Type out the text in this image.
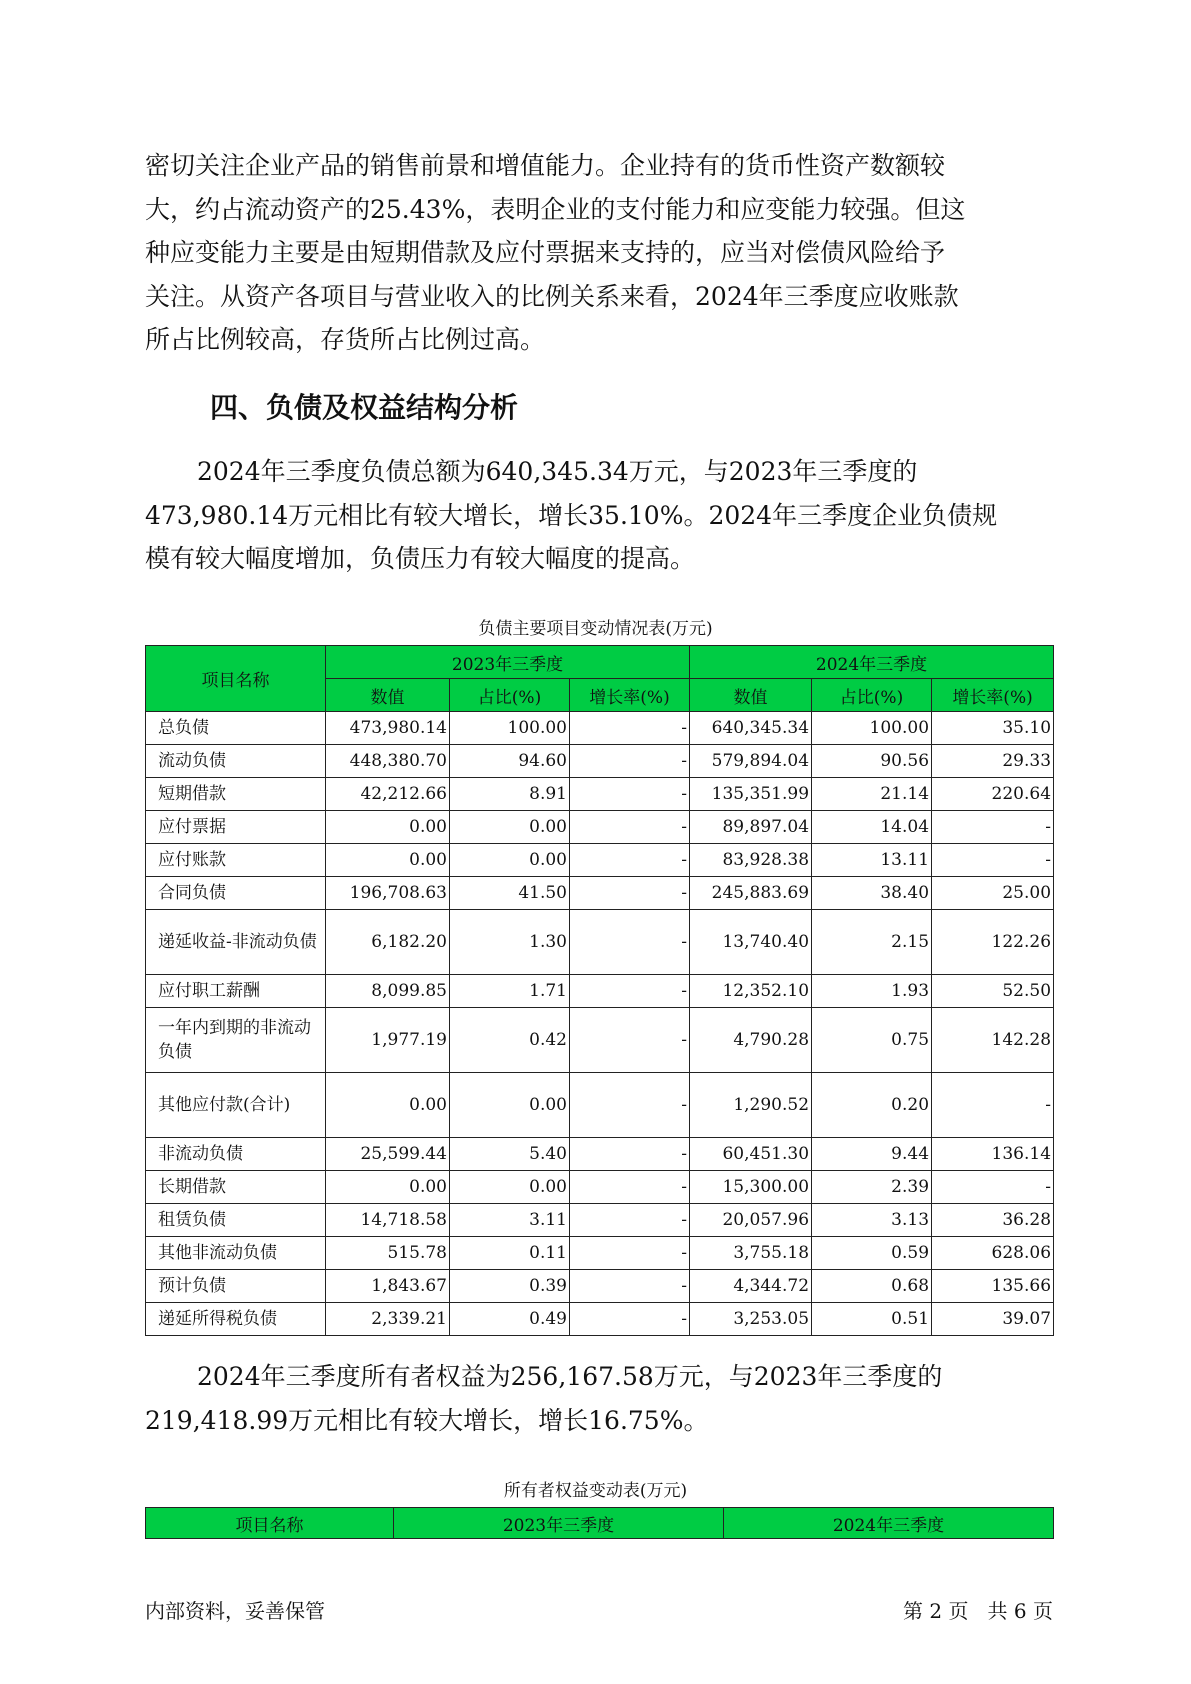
密切关注企业产品的销售前景和增值能力。企业持有的货币性资产数额较
大，约占流动资产的25.43%，表明企业的支付能力和应变能力较强。但这
种应变能力主要是由短期借款及应付票据来支持的，应当对偿债风险给予
关注。从资产各项目与营业收入的比例关系来看，2024年三季度应收账款
所占比例较高，存货所占比例过高。

四、负债及权益结构分析

2024年三季度负债总额为640,345.34万元，与2023年三季度的
473,980.14万元相比有较大增长，增长35.10%。2024年三季度企业负债规
模有较大幅度增加，负债压力有较大幅度的提高。

负债主要项目变动情况表(万元)
项目名称	2023年三季度			2024年三季度		
	数值	占比(%)	增长率(%)	数值	占比(%)	增长率(%)
总负债	473,980.14	100.00	-	640,345.34	100.00	35.10
流动负债	448,380.70	94.60	-	579,894.04	90.56	29.33
短期借款	42,212.66	8.91	-	135,351.99	21.14	220.64
应付票据	0.00	0.00	-	89,897.04	14.04	-
应付账款	0.00	0.00	-	83,928.38	13.11	-
合同负债	196,708.63	41.50	-	245,883.69	38.40	25.00
递延收益-非流动负债	6,182.20	1.30	-	13,740.40	2.15	122.26
应付职工薪酬	8,099.85	1.71	-	12,352.10	1.93	52.50
一年内到期的非流动负债	1,977.19	0.42	-	4,790.28	0.75	142.28
其他应付款(合计)	0.00	0.00	-	1,290.52	0.20	-
非流动负债	25,599.44	5.40	-	60,451.30	9.44	136.14
长期借款	0.00	0.00	-	15,300.00	2.39	-
租赁负债	14,718.58	3.11	-	20,057.96	3.13	36.28
其他非流动负债	515.78	0.11	-	3,755.18	0.59	628.06
预计负债	1,843.67	0.39	-	4,344.72	0.68	135.66
递延所得税负债	2,339.21	0.49	-	3,253.05	0.51	39.07

2024年三季度所有者权益为256,167.58万元，与2023年三季度的
219,418.99万元相比有较大增长，增长16.75%。

所有者权益变动表(万元)
项目名称	2023年三季度	2024年三季度
内部资料，妥善保管	第 2 页   共 6 页
